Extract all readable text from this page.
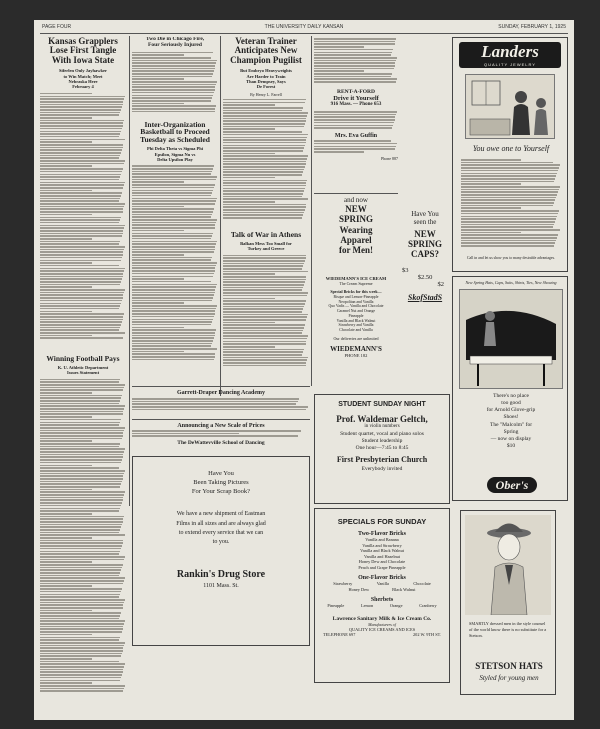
PAGE FOUR	THE UNIVERSITY DAILY KANSAN	SUNDAY, FEBRUARY 1, 1925
Kansas Grapplers
Lose First Tangle
With Iowa State
Siferlen Only Jayhawker
to Win Match; Meet
Nebraska Here
February 4
Winning Football Pays
K. U. Athletic Department
Issues Statement
Two Die in Chicago Fire,
Four Seriously Injured
Inter-Organization
Basketball to Proceed
Tuesday as Scheduled
Phi Delta Theta vs Sigma Phi
Epsilon, Sigma Nu vs
Delta Upsilon Play
Veteran Trainer
Anticipates New
Champion Pugilist
But Embryo Heavyweights
Are Harder to Train
Than Dempsey, Says
De Forest
By Henry L. Farrell
Talk of War in Athens
Balkan Mess Too Small for
Turkey and Greece
RENT-A-FORD
Drive it Yourself
916 Mass. — Phone 653
Mrs. Eva Guffin
Phone 887
and now
NEW
SPRING
Wearing
Apparel
for Men!
WIEDEMANN'S ICE CREAM
The Cream Supreme
Special Bricks for this week—
Bisque and Lemon-Pineapple
Neopolitan and Vanilla
Quo Vadis — Vanilla and Chocolate
Caramel Nut and Orange
Pineapple
Vanilla and Black Walnut
Strawberry and Vanilla
Chocolate and Vanilla
Our deliveries are unlimited
WIEDEMANN'S
PHONE 182
Have You
seen the
NEW
SPRING
CAPS?
$3
$2.50
$2
SkofStadS
Landers
QUALITY JEWELRY
You owe one to Yourself
Call in and let us show you to many desirable advantages.
New Spring Hats, Caps, Suits, Shirts, Ties, New Showing
There's no place
too good
for Arnold Glove-grip
Shoes!
The "Malcolm" for
Spring
— now on display
$10
Ober's
STUDENT SUNDAY NIGHT
Prof. Waldemar Geltch,
in violin numbers
Student quartet, vocal and piano solos
Student leadership
One hour—7:45 to 8:45
First Presbyterian Church
Everybody invited
Garrett-Draper Dancing Academy
Announcing a New Scale of Prices
The DeWattevville School of Dancing
Have You
Been Taking Pictures
For Your Scrap Book?
We have a new shipment of Eastman
Films in all sizes and are always glad
to extend every service that we can
to you.
Rankin's Drug Store
1101 Mass. St.
SPECIALS FOR SUNDAY
Two-Flavor Bricks
Vanilla and Banana
Vanilla and Strawberry
Vanilla and Black Walnut
Vanilla and Hazelnut
Honey Dew and Chocolate
Peach and Grape Pineapple
One-Flavor Bricks
Strawberry	Vanilla	Chocolate
Honey Dew	Black Walnut
Sherbets
Pineapple	Lemon	Orange	Cranberry
Lawrence Sanitary Milk & Ice Cream Co.
Manufacturers of
QUALITY ICE CREAMS AND ICES
TELEPHONE 697	202 W. 9TH ST.
SMARTLY dressed men in the style counsel of the world know there is no substitute for a Stetson.
STETSON HATS
Styled for young men
